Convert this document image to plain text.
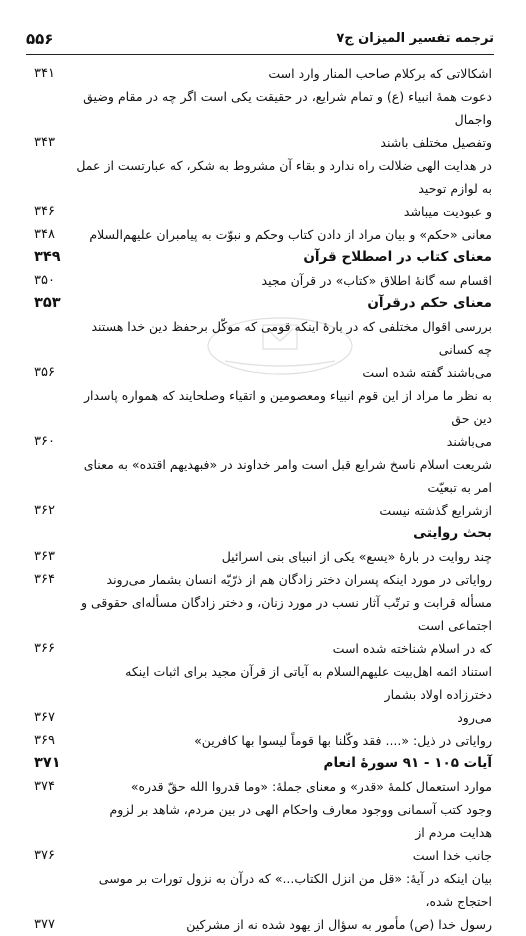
۵۵۶	ترجمه تفسير الميزان ج۷
۳۴۱	اشکالاتی که برکلام صاحب المنار وارد است
دعوت همۀ انبیاء (ع) و تمام شرایع، در حقیقت یکی است اگر چه در مقام وضیق واجمال
۳۴۳	وتفصیل مختلف باشند
در هدایت الهی ضلالت راه ندارد و بقاء آن مشروط به شکر، که عبارتست از عمل به لوازم توحید
۳۴۶	و عبودیت میباشد
۳۴۸	معانی «حکم» و بیان مراد از دادن کتاب وحکم و نبوّت به پیامبران علیهم‌السلام
۳۴۹	معنای کتاب در اصطلاح قرآن
۳۵۰	اقسام سه گانۀ اطلاق «کتاب» در قرآن مجید
۳۵۳	معنای حکم درقرآن
بررسی اقوال مختلفی که در بارۀ اینکه قومی که موکّل برحفظ دین خدا هستند چه کسانی
۳۵۶	می‌باشند گفته شده است
به نظر ما مراد از این قوم انبیاء ومعصومین و اتقیاء وصلحایند که همواره پاسدار دین حق
۳۶۰	می‌باشند
شریعت اسلام ناسخ شرایع قبل است وامر خداوند در «فبهدیهم اقتده» به معنای امر به تبعیّت
۳۶۲	ازشرایع گذشته نیست
بحث روایتی
۳۶۳	چند روایت در بارۀ «یسع» یکی از انبیای بنی اسرائیل
۳۶۴	روایاتی در مورد اینکه پسران دختر زادگان هم از ذرّیّه انسان بشمار می‌روند
مسأله قرابت و ترتّب آثار نسب در مورد زنان، و دختر زادگان مسأله‌ای حقوقی و اجتماعی است
۳۶۶	که در اسلام شناخته شده است
استناد ائمه اهل‌بیت علیهم‌السلام به آیاتی از قرآن مجید برای اثبات اینکه دخترزاده اولاد بشمار
۳۶۷	می‌رود
۳۶۹	روایاتی در ذیل: «.... فقد وکّلنا بها قوماً لیسوا بها کافرین»
۳۷۱	آیات ۱۰۵ - ۹۱ سورۀ انعام
۳۷۴	موارد استعمال کلمۀ «قدر» و معنای جملۀ: «وما قدروا الله حقّ قدره»
وجود کتب آسمانی ووجود معارف واحکام الهی در بین مردم، شاهد بر لزوم هدایت مردم از
۳۷۶	جانب خدا است
بیان اینکه در آیۀ: «قل من انزل الکتاب...» که درآن به نزول تورات بر موسی احتجاج شده،
۳۷۷	رسول خدا (ص) مأمور به سؤال از یهود شده نه از مشرکین
